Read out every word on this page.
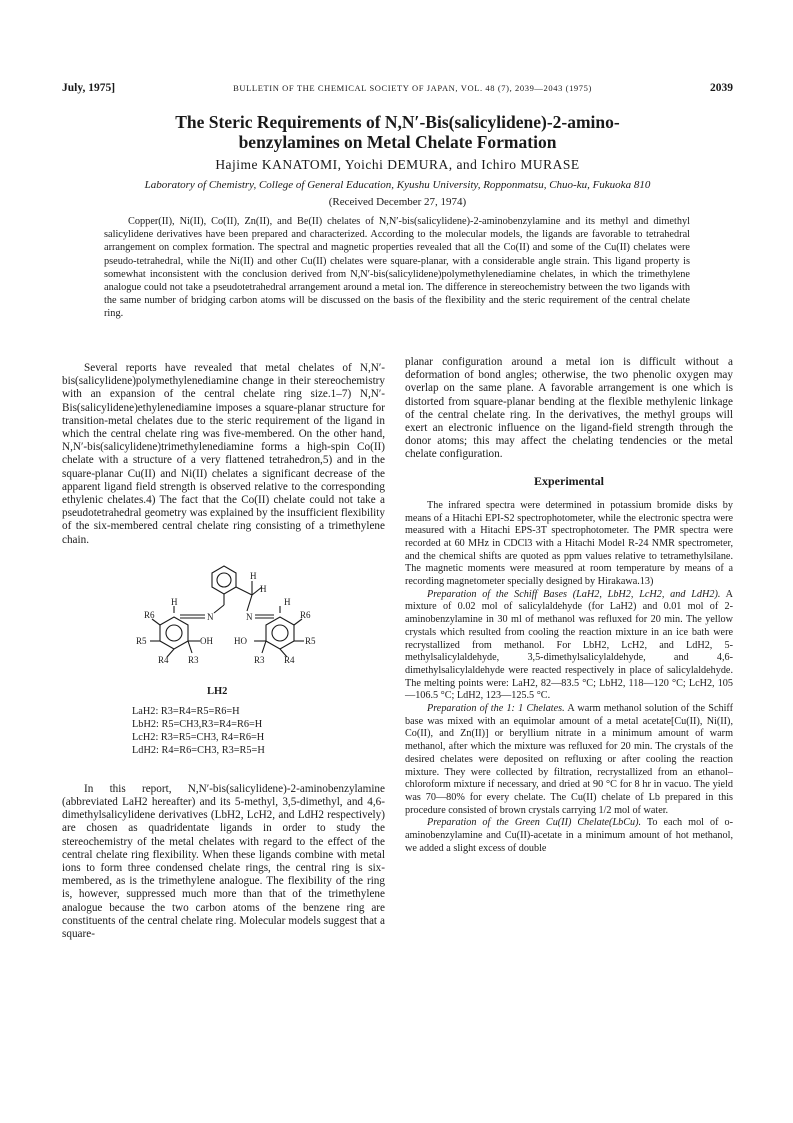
July, 1975]	BULLETIN OF THE CHEMICAL SOCIETY OF JAPAN, VOL. 48 (7), 2039—2043 (1975)	2039
The Steric Requirements of N,N′-Bis(salicylidene)-2-amino-
benzylamines on Metal Chelate Formation
Hajime KANATOMI, Yoichi DEMURA, and Ichiro MURASE
Laboratory of Chemistry, College of General Education, Kyushu University, Ropponmatsu, Chuo-ku, Fukuoka 810
(Received December 27, 1974)

Copper(II), Ni(II), Co(II), Zn(II), and Be(II) chelates of N,N′-bis(salicylidene)-2-aminobenzylamine and its methyl and dimethyl salicylidene derivatives have been prepared and characterized. According to the molecular models, the ligands are favorable to tetrahedral arrangement on complex formation. The spectral and magnetic properties revealed that all the Co(II) and some of the Cu(II) chelates were pseudo-tetrahedral, while the Ni(II) and other Cu(II) chelates were square-planar, with a considerable angle strain. This ligand property is somewhat inconsistent with the conclusion derived from N,N′-bis(salicylidene)polymethylenediamine chelates, in which the trimethylene analogue could not take a pseudotetrahedral arrangement around a metal ion. The difference in stereochemistry between the two ligands with the same number of bridging carbon atoms will be discussed on the basis of the flexibility and the steric requirement of the central chelate ring.

Several reports have revealed that metal chelates of N,N′-bis(salicylidene)polymethylenediamine change in their stereochemistry with an expansion of the central chelate ring size.1–7) N,N′-Bis(salicylidene)ethylenediamine imposes a square-planar structure for transition-metal chelates due to the steric requirement of the ligand in which the central chelate ring was five-membered. On the other hand, N,N′-bis(salicylidene)trimethylenediamine forms a high-spin Co(II) chelate with a structure of a very flattened tetrahedron,5) and in the square-planar Cu(II) and Ni(II) chelates a significant decrease of the apparent ligand field strength is observed relative to the corresponding ethylenic chelates.4) The fact that the Co(II) chelate could not take a pseudotetrahedral geometry was explained by the insufficient flexibility of the six-membered central chelate ring consisting of a trimethylene chain.

H
H
H	H
N	N
OH HO
R6
R5
R4 R3
R6
R5
R4
R3
LH2
LaH2: R3=R4=R5=R6=H
LbH2: R5=CH3,R3=R4=R6=H
LcH2: R3=R5=CH3, R4=R6=H
LdH2: R4=R6=CH3, R3=R5=H

In this report, N,N′-bis(salicylidene)-2-aminobenzylamine (abbreviated LaH2 hereafter) and its 5-methyl, 3,5-dimethyl, and 4,6-dimethylsalicylidene derivatives (LbH2, LcH2, and LdH2 respectively) are chosen as quadridentate ligands in order to study the stereochemistry of the metal chelates with regard to the effect of the central chelate ring flexibility. When these ligands combine with metal ions to form three condensed chelate rings, the central ring is six-membered, as is the trimethylene analogue. The flexibility of the ring is, however, suppressed much more than that of the trimethylene analogue because the two carbon atoms of the benzene ring are constituents of the central chelate ring. Molecular models suggest that a square-

planar configuration around a metal ion is difficult without a deformation of bond angles; otherwise, the two phenolic oxygen may overlap on the same plane. A favorable arrangement is one which is distorted from square-planar bending at the flexible methylenic linkage of the central chelate ring. In the derivatives, the methyl groups will exert an electronic influence on the ligand-field strength through the donor atoms; this may affect the chelating tendencies or the metal chelate configuration.

Experimental

The infrared spectra were determined in potassium bromide disks by means of a Hitachi EPI-S2 spectrophotometer, while the electronic spectra were measured with a Hitachi EPS-3T spectrophotometer. The PMR spectra were recorded at 60 MHz in CDCl3 with a Hitachi Model R-24 NMR spectrometer, and the chemical shifts are quoted as ppm values relative to tetramethylsilane. The magnetic moments were measured at room temperature by means of a recording magnetometer specially designed by Hirakawa.13)

Preparation of the Schiff Bases (LaH2, LbH2, LcH2, and LdH2). A mixture of 0.02 mol of salicylaldehyde (for LaH2) and 0.01 mol of 2-aminobenzylamine in 30 ml of methanol was refluxed for 20 min. The yellow crystals which resulted from cooling the reaction mixture in an ice bath were recrystallized from methanol. For LbH2, LcH2, and LdH2, 5-methylsalicylaldehyde, 3,5-dimethylsalicylaldehyde, and 4,6-dimethylsalicylaldehyde were reacted respectively in place of salicylaldehyde. The melting points were: LaH2, 82—83.5 °C; LbH2, 118—120 °C; LcH2, 105—106.5 °C; LdH2, 123—125.5 °C.

Preparation of the 1: 1 Chelates. A warm methanol solution of the Schiff base was mixed with an equimolar amount of a metal acetate[Cu(II), Ni(II), Co(II), and Zn(II)] or beryllium nitrate in a minimum amount of warm methanol, after which the mixture was refluxed for 20 min. The crystals of the desired chelates were deposited on refluxing or after cooling the reaction mixture. They were collected by filtration, recrystallized from an ethanol–chloroform mixture if necessary, and dried at 90 °C for 8 hr in vacuo. The yield was 70—80% for every chelate. The Cu(II) chelate of Lb prepared in this procedure consisted of brown crystals carrying 1/2 mol of water.

Preparation of the Green Cu(II) Chelate(LbCu). To each mol of o-aminobenzylamine and Cu(II)-acetate in a minimum amount of hot methanol, we added a slight excess of double
